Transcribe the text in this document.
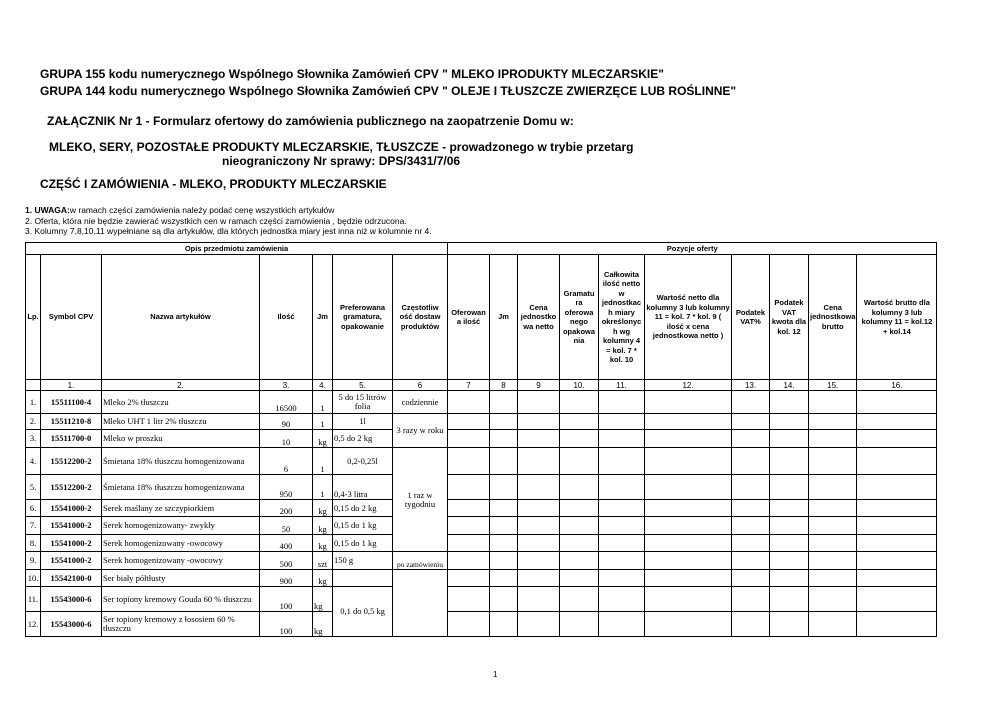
GRUPA 155 kodu numerycznego Wspólnego Słownika Zamówień CPV " MLEKO IPRODUKTY MLECZARSKIE"
GRUPA 144 kodu numerycznego Wspólnego Słownika Zamówień CPV " OLEJE I TŁUSZCZE ZWIERZĘCE LUB ROŚLINNE"
ZAŁĄCZNIK Nr 1 - Formularz ofertowy do zamówienia publicznego na zaopatrzenie Domu w:
MLEKO, SERY, POZOSTAŁE PRODUKTY MLECZARSKIE, TŁUSZCZE - prowadzonego w trybie przetarg
nieograniczony Nr sprawy: DPS/3431/7/06
CZĘŚĆ I ZAMÓWIENIA - MLEKO, PRODUKTY MLECZARSKIE
1. UWAGA:w ramach części zamówienia należy podać cenę wszystkich artykułów
2. Oferta, która nie będzie zawierać wszystkich cen w ramach części zamówienia , będzie odrzucona.
3. Kolumny 7,8,10,11 wypełniane są dla artykułów, dla których jednostka miary jest inna niż w kolumnie nr 4.
Opis przedmiotu zamówienia							Pozycje oferty									
Lp.	Symbol CPV	Nazwa artykułów	Ilość	Jm	Preferowana gramatura, opakowanie	Częstotliw ość dostaw produktów	Oferowan a ilość	Jm	Cena jednostko wa netto	Gramatu ra oferowa nego opakowa nia	Całkowita ilość netto w jednostkac h miary określonyc h wg kolumny 4 = kol. 7 * kol. 10	Wartość netto dla kolumny 3 lub kolumny 11 = kol. 7 * kol. 9 ( ilość x cena jednostkowa netto )	Podatek VAT%	Podatek VAT kwota dla kol. 12	Cena jednostkowa brutto	Wartość brutto dla kolumny 3 lub kolumny 11 = kol.12 + kol.14
	1.	2.	3.	4.	5.	6	7	8	9	10.	11.	12.	13.	14.	15.	16.
1.	15511100-4	Mleko 2% tłuszczu	16500	1	5 do 15 litrów folia	codziennie										
2.	15511210-8	Mleko UHT 1 litr 2% tłuszczu	90	1	1l	3 razy w roku										
3.	15511700-0	Mleko w proszku	10	kg	0,5 do 2 kg											
4.	15512200-2	Śmietana 18% tłuszczu homogenizowana	6	1	0,2-0,25l	1 raz w tygodniu										
5.	15512200-2	Śmietana 18% tłuszczu homogenizowana	950	1	0,4-3 litra											
6.	15541000-2	Serek maślany ze szczypiorkiem	200	kg	0,15 do 2 kg											
7.	15541000-2	Serek homogenizowany- zwykły	50	kg	0,15 do 1 kg											
8.	15541000-2	Serek homogenizowany -owocowy	400	kg	0,15 do 1 kg											
9.	15541000-2	Serek homogenizowany -owocowy	500	szt	150 g	po zamówieniu										
10.	15542100-0	Ser biały półtłusty	900	kg												
11.	15543000-6	Ser topiony kremowy Gouda 60 % tłuszczu	100	kg	0,1 do 0,5 kg											
12.	15543000-6	Ser topiony kremowy z łososiem 60 % tłuszczu	100	kg												
1
